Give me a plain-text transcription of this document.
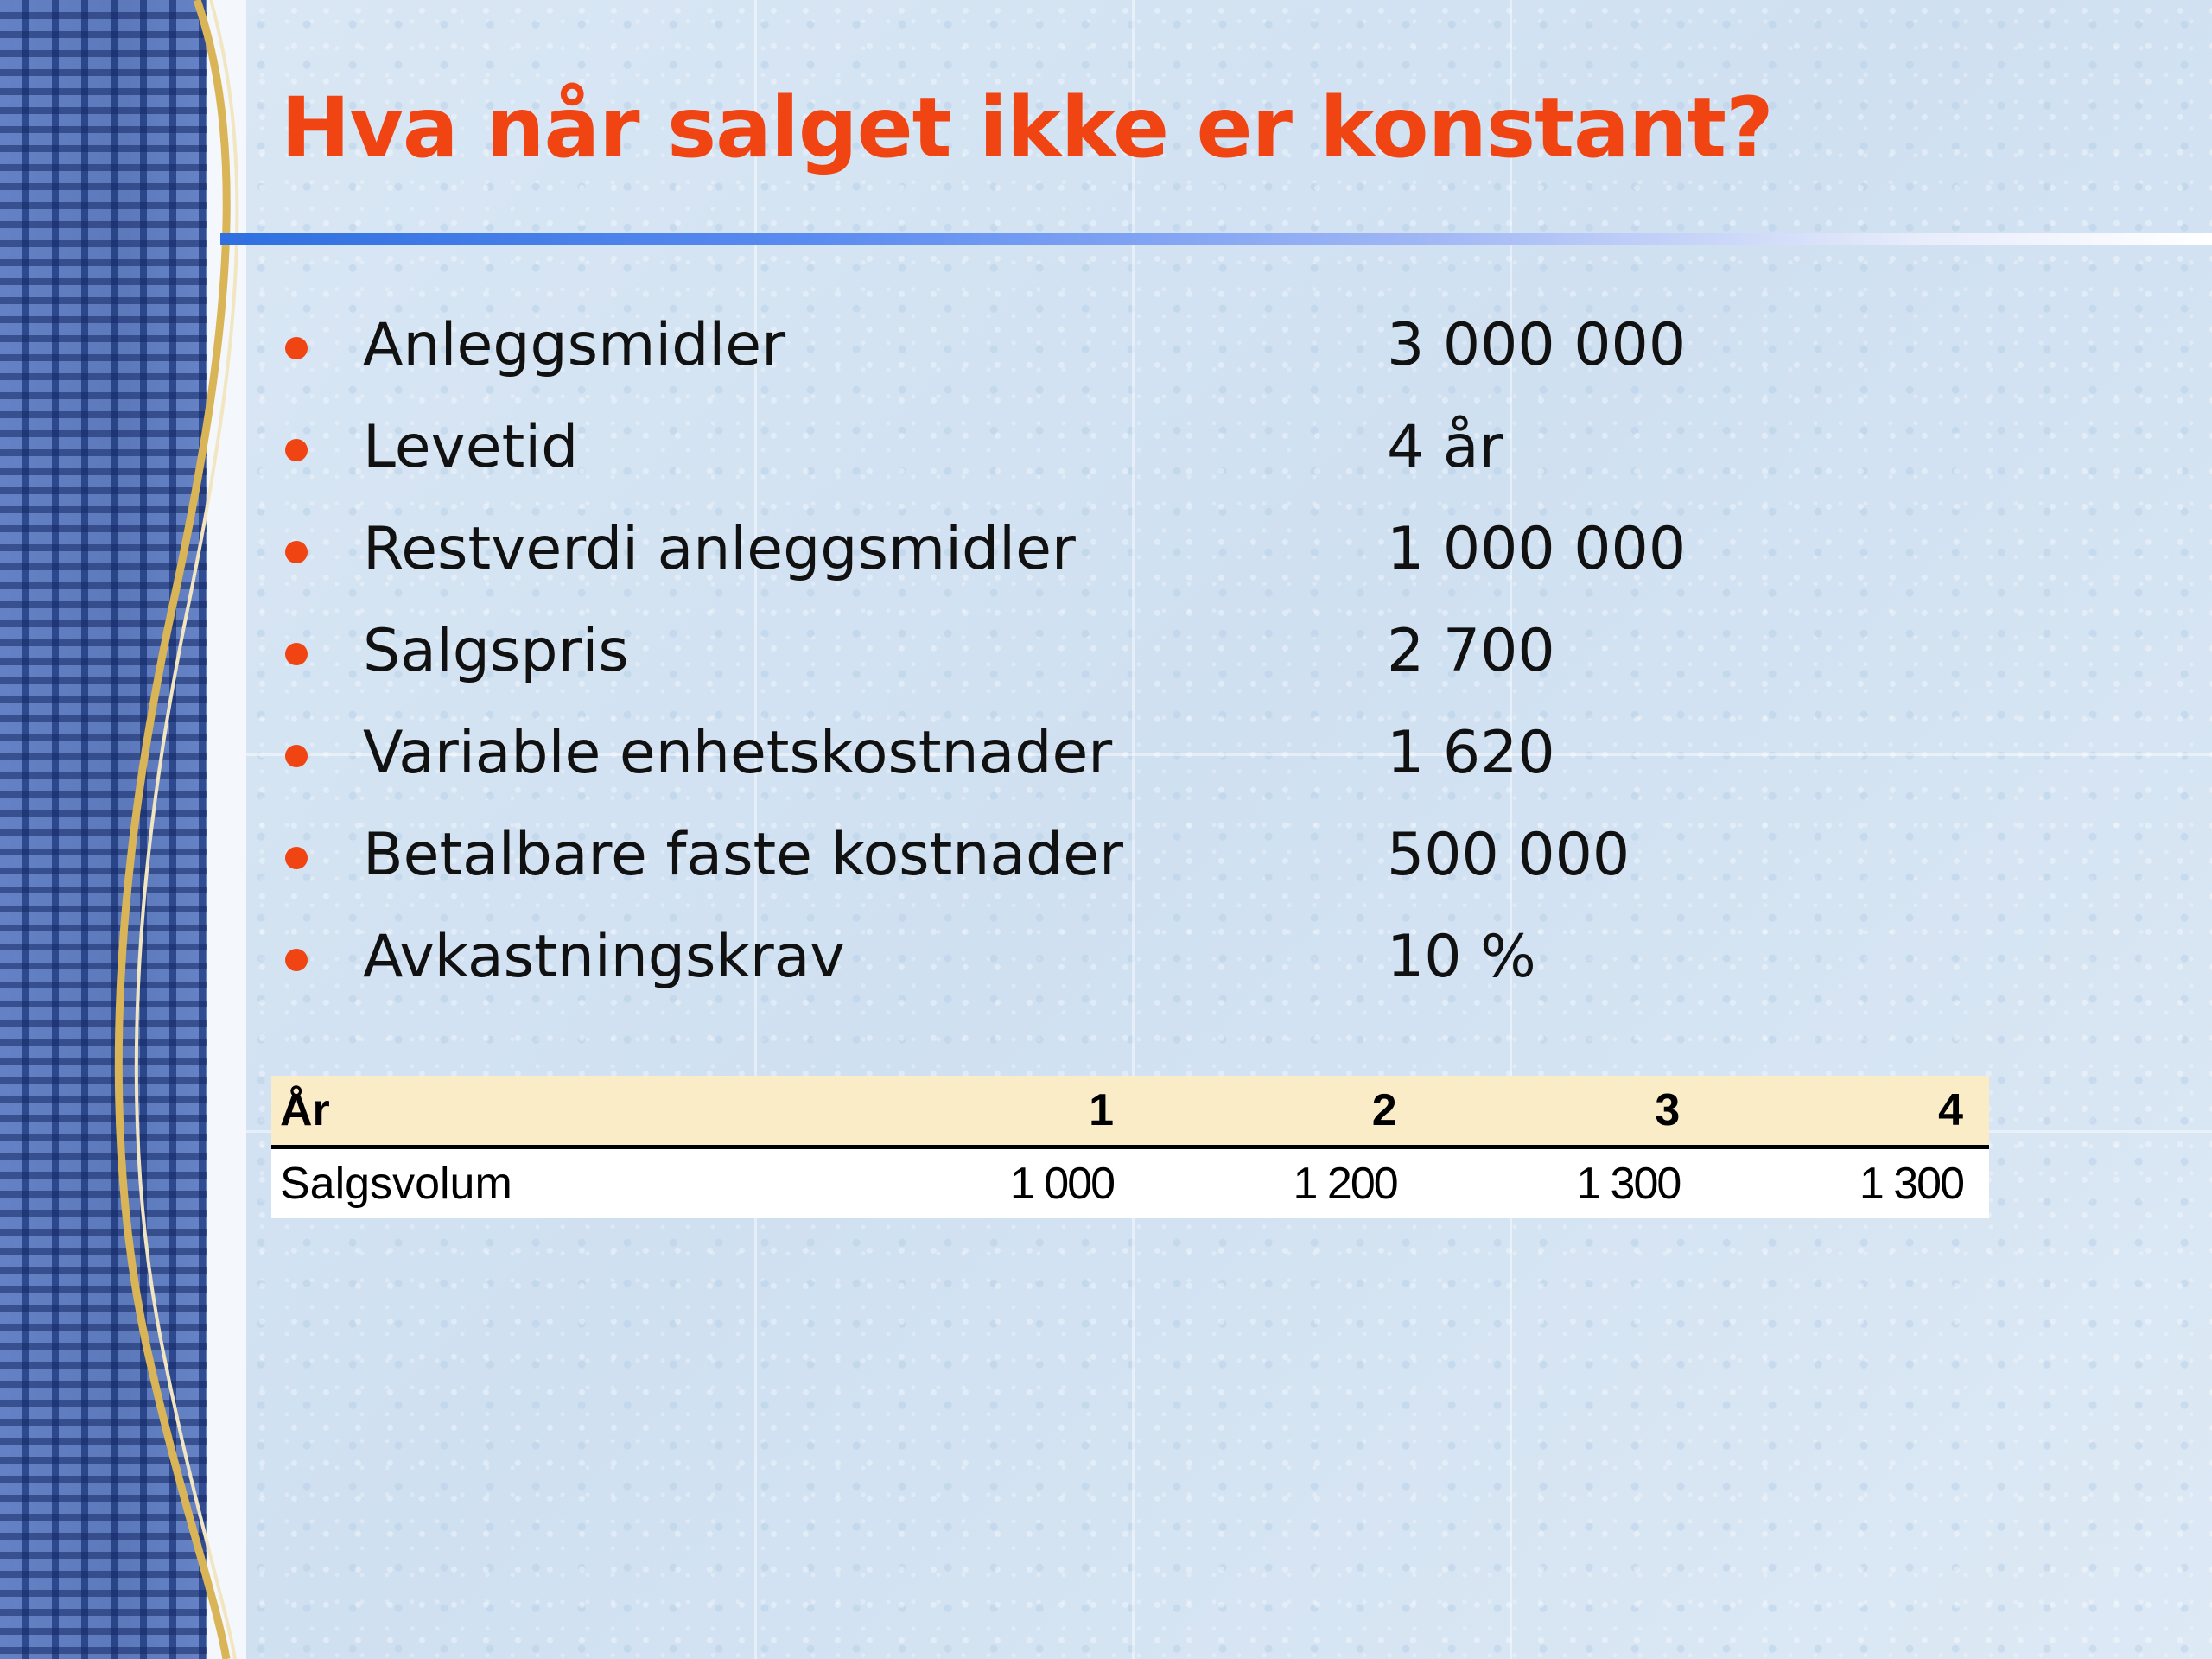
Hva når salget ikke er konstant?
Anleggsmidler	3 000 000
Levetid	4 år
Restverdi anleggsmidler	1 000 000
Salgspris	2 700
Variable enhetskostnader	1 620
Betalbare faste kostnader	500 000
Avkastningskrav	10 %
År	1	2	3	4
Salgsvolum	1 000	1 200	1 300	1 300
